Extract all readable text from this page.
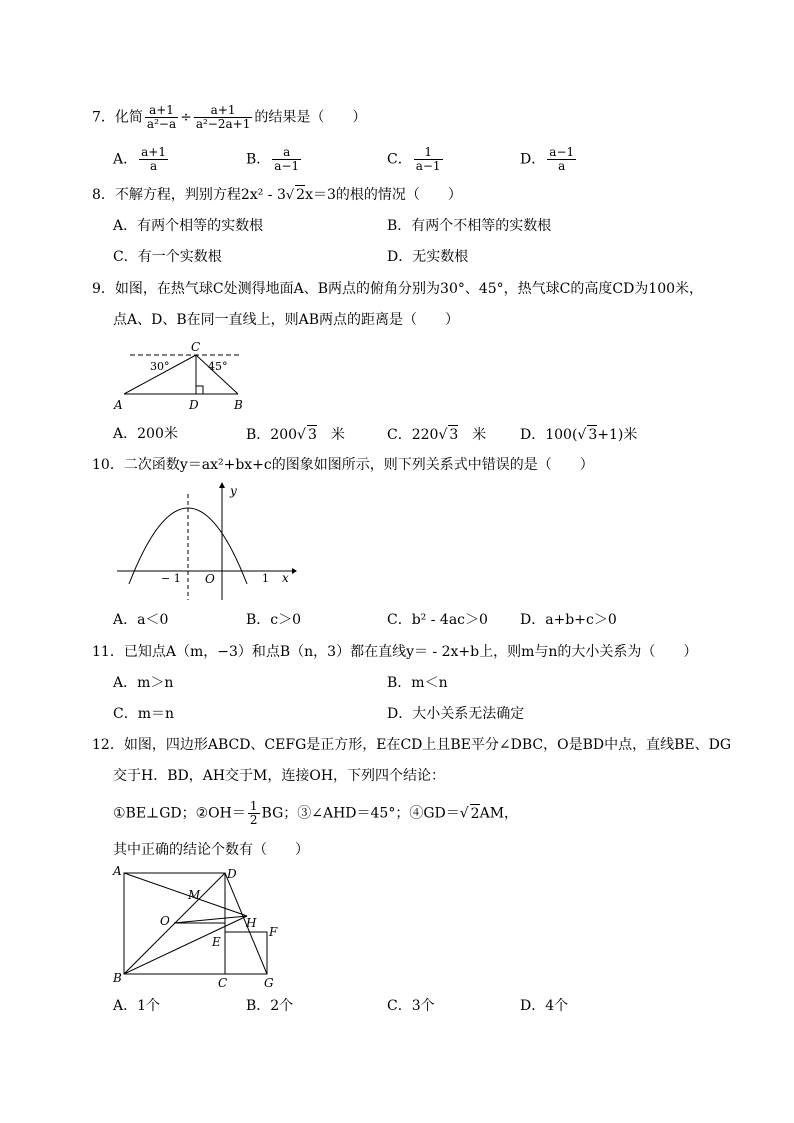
7．化简 $\frac{a+1}{\text{a²−a}} \div \frac{a+1}{\text{a²−2a+1}}$ 的结果是（　　）
A． $\frac{a+1}{a}$	B． $\frac{a}{a-1}$	C． $\frac{1}{a-1}$	D． $\frac{a-1}{a}$
8．不解方程，判别方程2x² - 3√ 2x＝3的根的情况（　　）
A．有两个相等的实数根	B．有两个不相等的实数根
C．有一个实数根	D．无实数根
9．如图，在热气球C处测得地面A、B两点的俯角分别为30°、45°，热气球C的高度CD为100米，
点A、D、B在同一直线上，则AB两点的距离是（　　）
C
30°	45°
A	D	B
A．200米	B．200√ 3　米	C．220√ 3　米 D．100(√ 3+1)米
10．二次函数y＝ax²+bx+c的图象如图所示，则下列关系式中错误的是（　　）
y
x
O
− 1	1
A．a＜0	B．c＞0	C．b² - 4ac＞0 D．a+b+c＞0
11．已知点A（m，−3）和点B（n，3）都在直线y＝ - 2x+b上，则m与n的大小关系为（　　）
A．m＞n	B．m＜n
C．m＝n	D．大小关系无法确定
12．如图，四边形ABCD、CEFG是正方形，E在CD上且BE平分∠DBC，O是BD中点，直线BE、DG
交于H．BD，AH交于M，连接OH，下列四个结论：
①BE⊥GD；②OH＝ $\frac{1}{2}$ BG；③∠AHD＝45°；④GD＝√ 2AM，
其中正确的结论个数有（　　）
A	D
M
O	H
E
F
B	C	G
A．1个	B．2个	C．3个	D．4个
